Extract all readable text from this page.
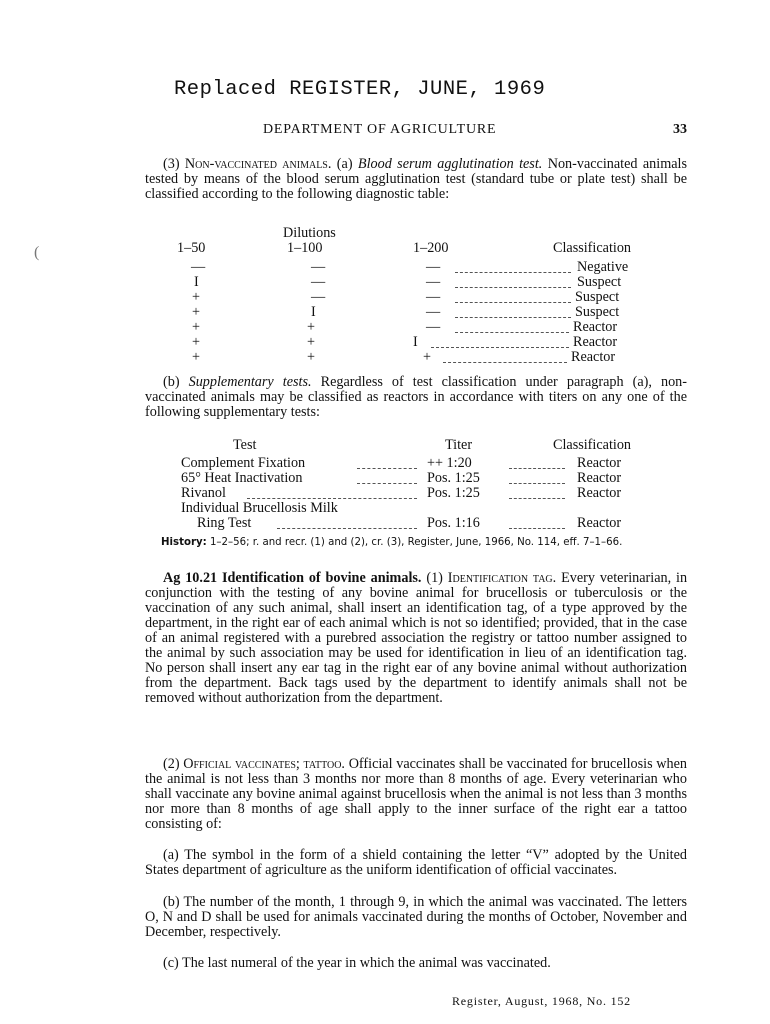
(
Replaced REGISTER, JUNE, 1969
DEPARTMENT OF AGRICULTURE	33

(3) Non-vaccinated animals. (a) Blood serum agglutination test. Non-vaccinated animals tested by means of the blood serum agglutination test (standard tube or plate test) shall be classified according to the following diagnostic table:

Dilutions
1–50	1–100	1–200	Classification
—	—	—	Negative
I	—	—	Suspect
+	—	—	Suspect
+	I	—	Suspect
+	+	—	Reactor
+	+	I	Reactor
+	+	+	Reactor

(b) Supplementary tests. Regardless of test classification under paragraph (a), non-vaccinated animals may be classified as reactors in accordance with titers on any one of the following supplementary tests:

Test	Titer	Classification
Complement Fixation	++ 1:20	Reactor
65° Heat Inactivation	Pos. 1:25	Reactor
Rivanol	Pos. 1:25	Reactor
Individual Brucellosis Milk
Ring Test	Pos. 1:16	Reactor

History: 1–2–56; r. and recr. (1) and (2), cr. (3), Register, June, 1966, No. 114, eff. 7–1–66.

Ag 10.21 Identification of bovine animals. (1) Identification tag. Every veterinarian, in conjunction with the testing of any bovine animal for brucellosis or tuberculosis or the vaccination of any such animal, shall insert an identification tag, of a type approved by the department, in the right ear of each animal which is not so identified; provided, that in the case of an animal registered with a purebred association the registry or tattoo number assigned to the animal by such association may be used for identification in lieu of an identification tag. No person shall insert any ear tag in the right ear of any bovine animal without authorization from the department. Back tags used by the department to identify animals shall not be removed without authorization from the department.

(2) Official vaccinates; tattoo. Official vaccinates shall be vaccinated for brucellosis when the animal is not less than 3 months nor more than 8 months of age. Every veterinarian who shall vaccinate any bovine animal against brucellosis when the animal is not less than 3 months nor more than 8 months of age shall apply to the inner surface of the right ear a tattoo consisting of:

(a) The symbol in the form of a shield containing the letter “V” adopted by the United States department of agriculture as the uniform identification of official vaccinates.

(b) The number of the month, 1 through 9, in which the animal was vaccinated. The letters O, N and D shall be used for animals vaccinated during the months of October, November and December, respectively.

(c) The last numeral of the year in which the animal was vaccinated.

Register, August, 1968, No. 152
